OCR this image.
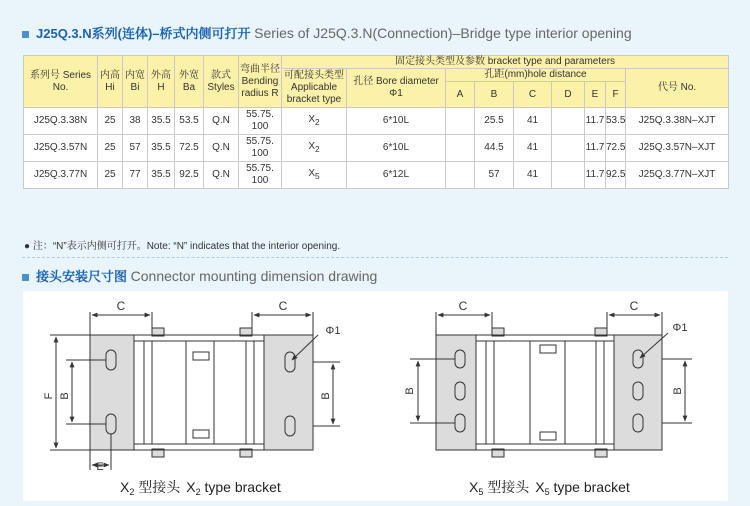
J25Q.3.N系列(连体)–桥式内侧可打开 Series of J25Q.3.N(Connection)–Bridge type interior opening
系列号 Series No.	内高 Hi	内宽 Bi	外高 H	外宽 Ba	款式 Styles	弯曲半径 Bending radius R	固定接头类型及参数 bracket type and parameters								
							可配接头类型 Applicable bracket type	孔径 Bore diameter Φ1	孔距(mm)hole distance						代号 No.
									A	B	C	D	E	F	
J25Q.3.38N	25	38	35.5	53.5	Q.N	55.75. 100	$X_2$	6*10L		25.5	41		11.7	53.5	J25Q.3.38N–XJT
J25Q.3.57N	25	57	35.5	72.5	Q.N	55.75. 100	$X_2$	6*10L		44.5	41		11.7	72.5	J25Q.3.57N–XJT
J25Q.3.77N	25	77	35.5	92.5	Q.N	55.75. 100	$X_5$	6*12L		57	41		11.7	92.5	J25Q.3.77N–XJT
● 注：“N”表示内侧可打开。Note: “N” indicates that the interior opening.
接头安装尺寸图 Connector mounting dimension drawing
C	C
Φ1
F B	B
E
$X_2$ 型接头 $X_2$ type bracket
C	C
Φ1
B	B
$X_5$ 型接头 $X_5$ type bracket
